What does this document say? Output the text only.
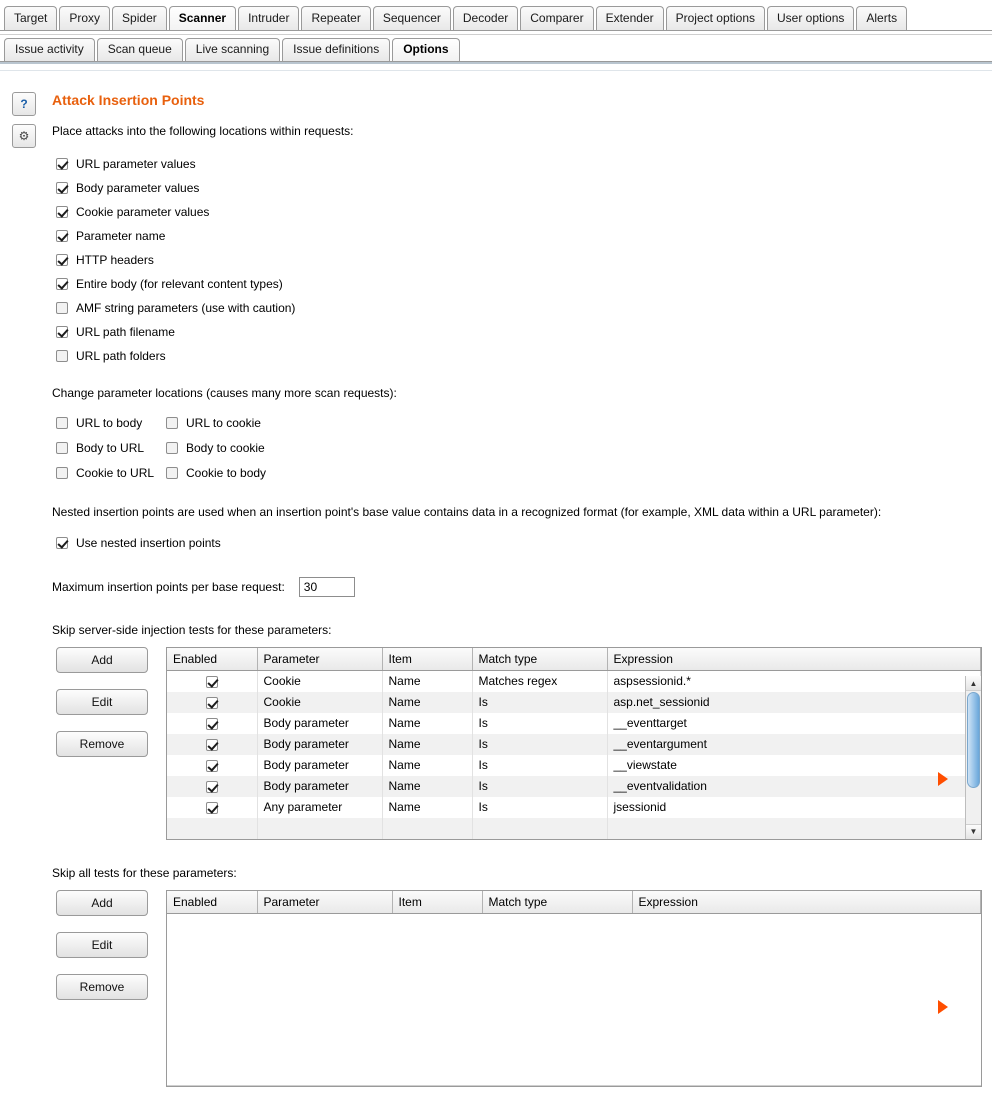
Target	Proxy	Spider	Scanner	Intruder	Repeater	Sequencer	Decoder	Comparer	Extender	Project options	User options	Alerts
Issue activity	Scan queue	Live scanning	Issue definitions	Options
?
⚙
Attack Insertion Points
Place attacks into the following locations within requests:
URL parameter values
Body parameter values
Cookie parameter values
Parameter name
HTTP headers
Entire body (for relevant content types)
AMF string parameters (use with caution)
URL path filename
URL path folders
Change parameter locations (causes many more scan requests):
URL to body	URL to cookie
Body to URL	Body to cookie
Cookie to URL	Cookie to body
Nested insertion points are used when an insertion point's base value contains data in a recognized format (for example, XML data within a URL parameter):
Use nested insertion points
Maximum insertion points per base request:
30
Skip server-side injection tests for these parameters:
Add
Edit
Remove
Enabled	Parameter	Item	Match type	Expression
	Cookie	Name	Matches regex	aspsessionid.*
	Cookie	Name	Is	asp.net_sessionid
	Body parameter	Name	Is	__eventtarget
	Body parameter	Name	Is	__eventargument
	Body parameter	Name	Is	__viewstate
	Body parameter	Name	Is	__eventvalidation
	Any parameter	Name	Is	jsessionid

▲
▼
Skip all tests for these parameters:
Add
Edit
Remove
Enabled	Parameter	Item	Match type	Expression
